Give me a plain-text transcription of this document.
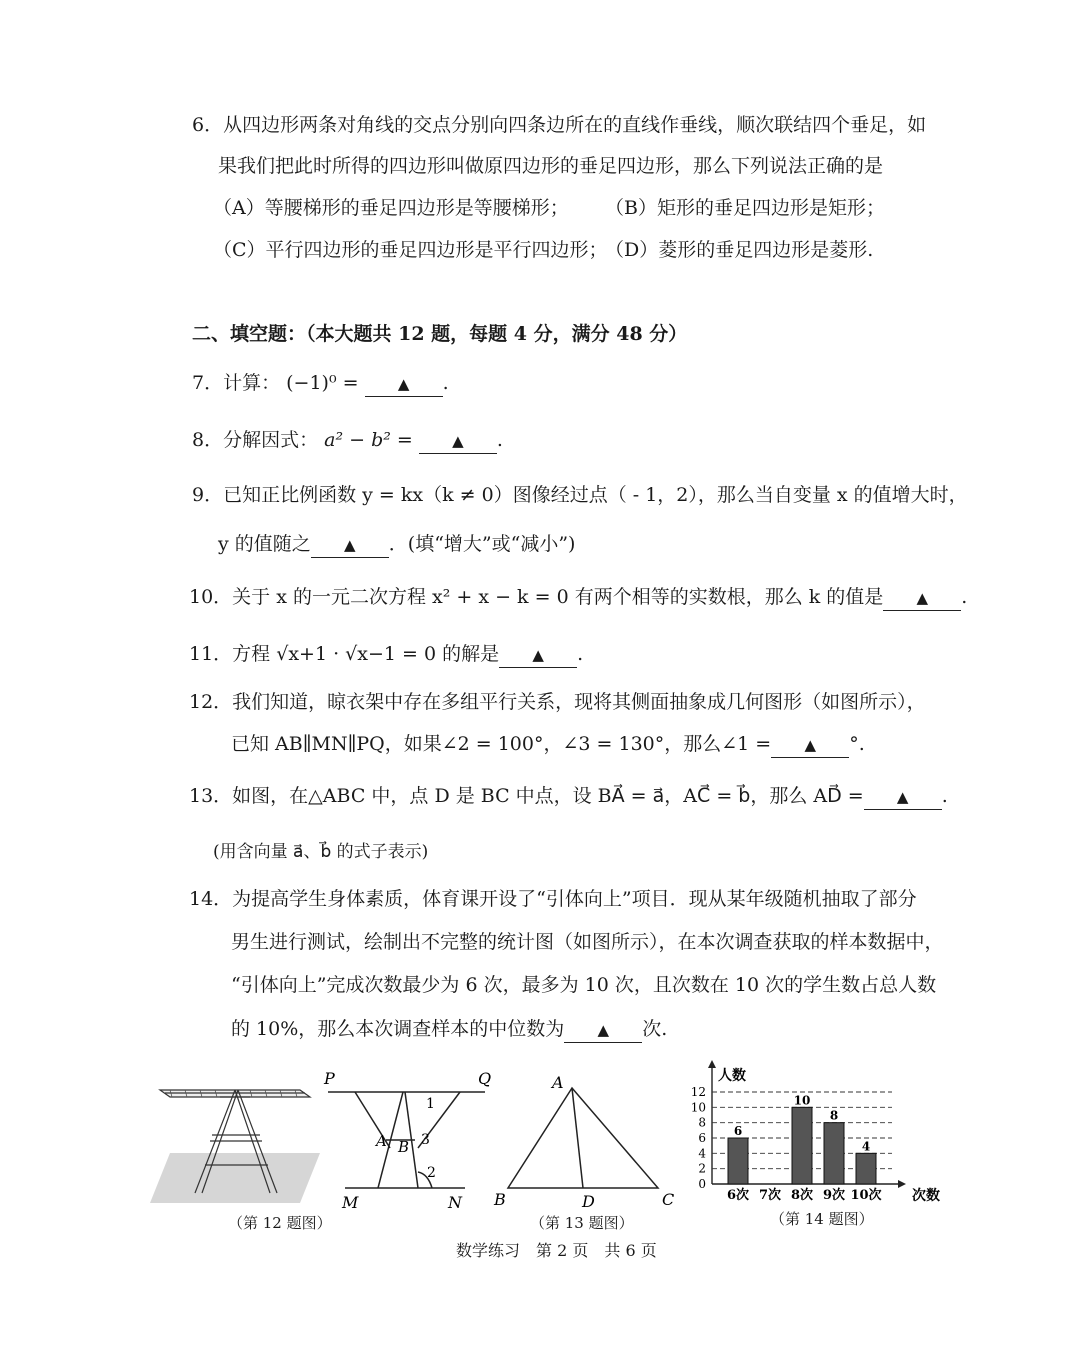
6．从四边形两条对角线的交点分别向四条边所在的直线作垂线，顺次联结四个垂足，如
果我们把此时所得的四边形叫做原四边形的垂足四边形，那么下列说法正确的是
（A）等腰梯形的垂足四边形是等腰梯形； （B）矩形的垂足四边形是矩形；
（C）平行四边形的垂足四边形是平行四边形；
（D）菱形的垂足四边形是菱形.
二、填空题：（本大题共 12 题，每题 4 分，满分 48 分）
7．计算： (−1)⁰ =	▲ .
8．分解因式： a² − b² =	▲ .
9．已知正比例函数 y = kx（k ≠ 0）图像经过点（ - 1，2），那么当自变量 x 的值增大时，
y 的值随之 ▲ ．(填“增大”或“减小”)
10．关于 x 的一元二次方程 x² + x − k = 0 有两个相等的实数根，那么 k 的值是 ▲ .
11．方程 √x+1 · √x−1 = 0 的解是 ▲ .
12．我们知道，晾衣架中存在多组平行关系，现将其侧面抽象成几何图形（如图所示），
已知 AB∥MN∥PQ，如果∠2 = 100°，∠3 = 130°，那么∠1 = ▲ °.
13．如图，在△ABC 中，点 D 是 BC 中点，设 BA⃗ = a⃗，AC⃗ = b⃗，那么 AD⃗ = ▲ .
(用含向量 a⃗、b⃗ 的式子表示)
14．为提高学生身体素质，体育课开设了“引体向上”项目．现从某年级随机抽取了部分
男生进行测试，绘制出不完整的统计图（如图所示），在本次调查获取的样本数据中，
“引体向上”完成次数最少为 6 次，最多为 10 次，且次数在 10 次的学生数占总人数
的 10%，那么本次调查样本的中位数为 ▲ 次.
P	Q
1
A B 3
2
M	N
（第 12 题图）
A
B	D	C
（第 13 题图）
0
2
4
6
8
10
12
人数
次数
6
6次 7次
10
8次
8
9次
4
10次
（第 14 题图）
数学练习　第 2 页　共 6 页
